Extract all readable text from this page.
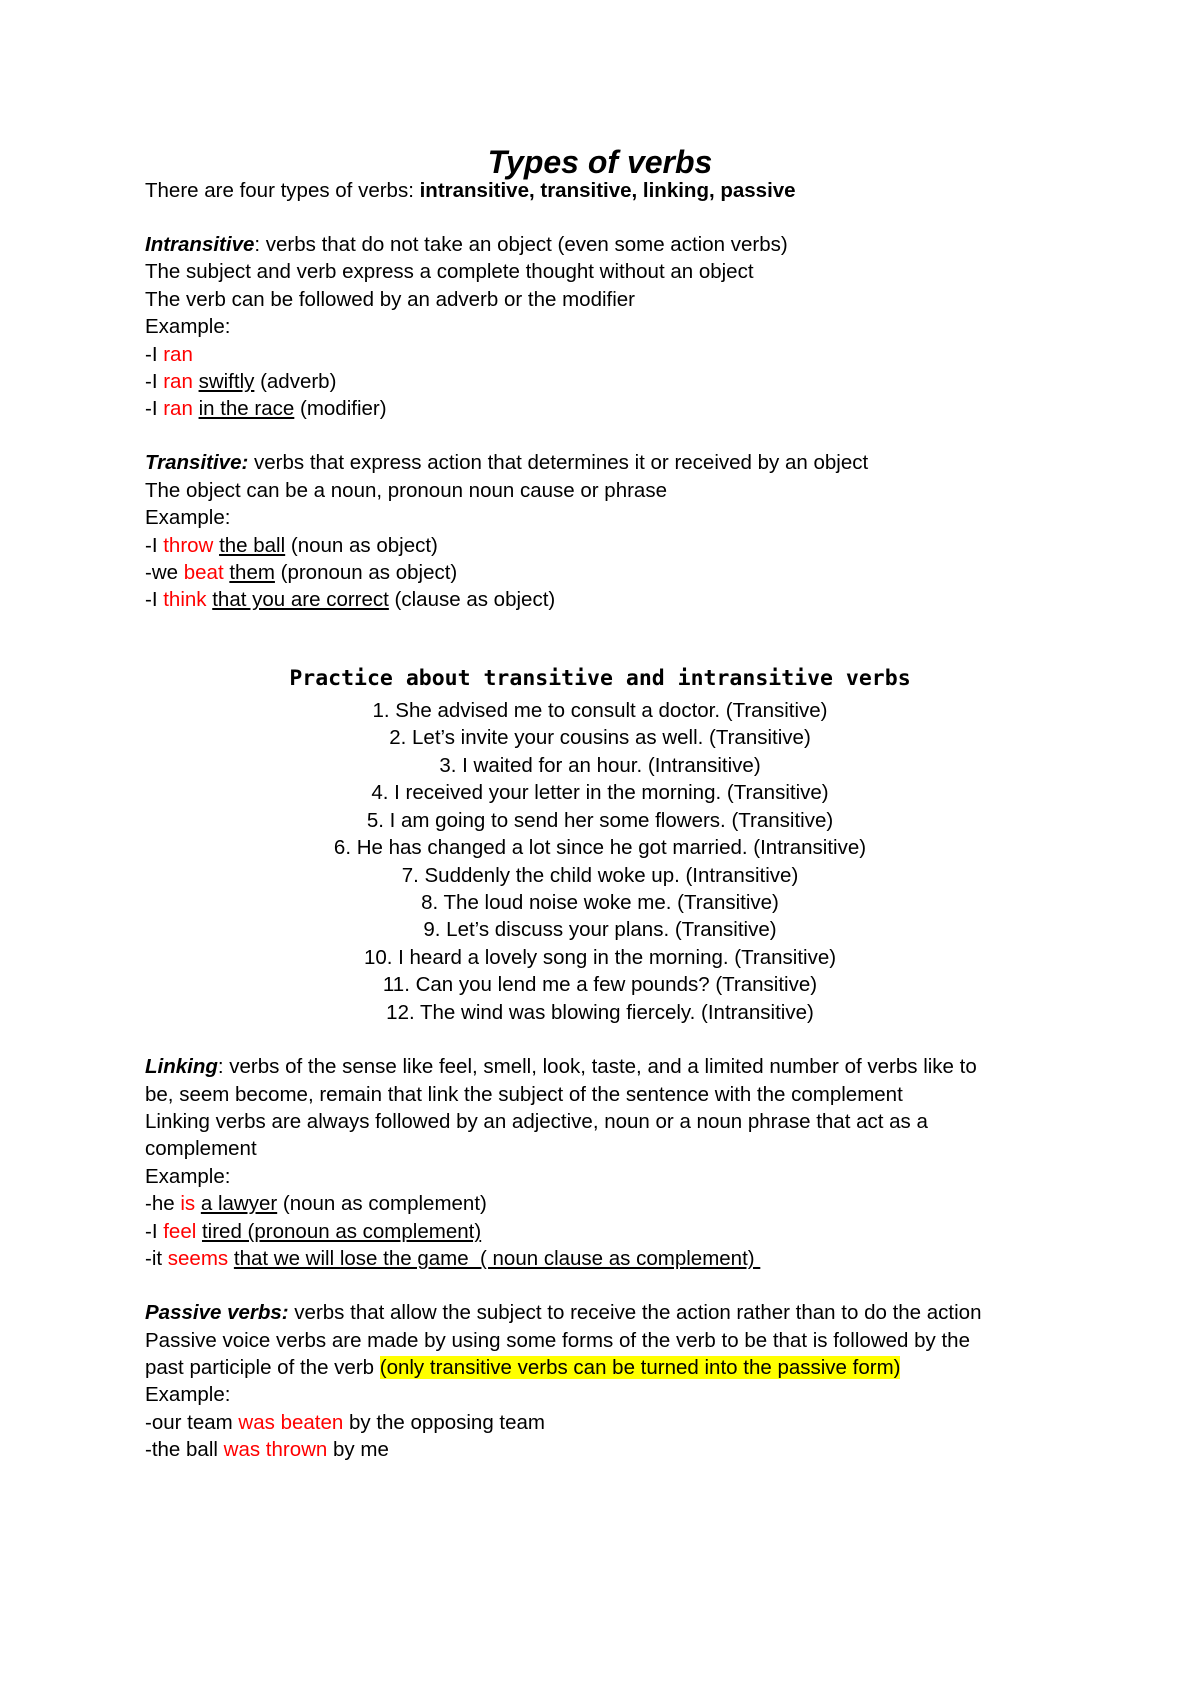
Types of verbs
There are four types of verbs: intransitive, transitive, linking, passive
Intransitive: verbs that do not take an object (even some action verbs)
The subject and verb express a complete thought without an object
The verb can be followed by an adverb or the modifier
Example:
-I ran
-I ran swiftly (adverb)
-I ran in the race (modifier)
Transitive: verbs that express action that determines it or received by an object
The object can be a noun, pronoun noun cause or phrase
Example:
-I throw the ball (noun as object)
-we beat them (pronoun as object)
-I think that you are correct (clause as object)
Practice about transitive and intransitive verbs
1. She advised me to consult a doctor. (Transitive)
2. Let’s invite your cousins as well. (Transitive)
3. I waited for an hour. (Intransitive)
4. I received your letter in the morning. (Transitive)
5. I am going to send her some flowers. (Transitive)
6. He has changed a lot since he got married. (Intransitive)
7. Suddenly the child woke up. (Intransitive)
8. The loud noise woke me. (Transitive)
9. Let’s discuss your plans. (Transitive)
10. I heard a lovely song in the morning. (Transitive)
11. Can you lend me a few pounds? (Transitive)
12. The wind was blowing fiercely. (Intransitive)
Linking: verbs of the sense like feel, smell, look, taste, and a limited number of verbs like to
be, seem become, remain that link the subject of the sentence with the complement
Linking verbs are always followed by an adjective, noun or a noun phrase that act as a
complement
Example:
-he is a lawyer (noun as complement)
-I feel tired (pronoun as complement)
-it seems that we will lose the game  ( noun clause as complement)
Passive verbs: verbs that allow the subject to receive the action rather than to do the action
Passive voice verbs are made by using some forms of the verb to be that is followed by the
past participle of the verb (only transitive verbs can be turned into the passive form)
Example:
-our team was beaten by the opposing team
-the ball was thrown by me
